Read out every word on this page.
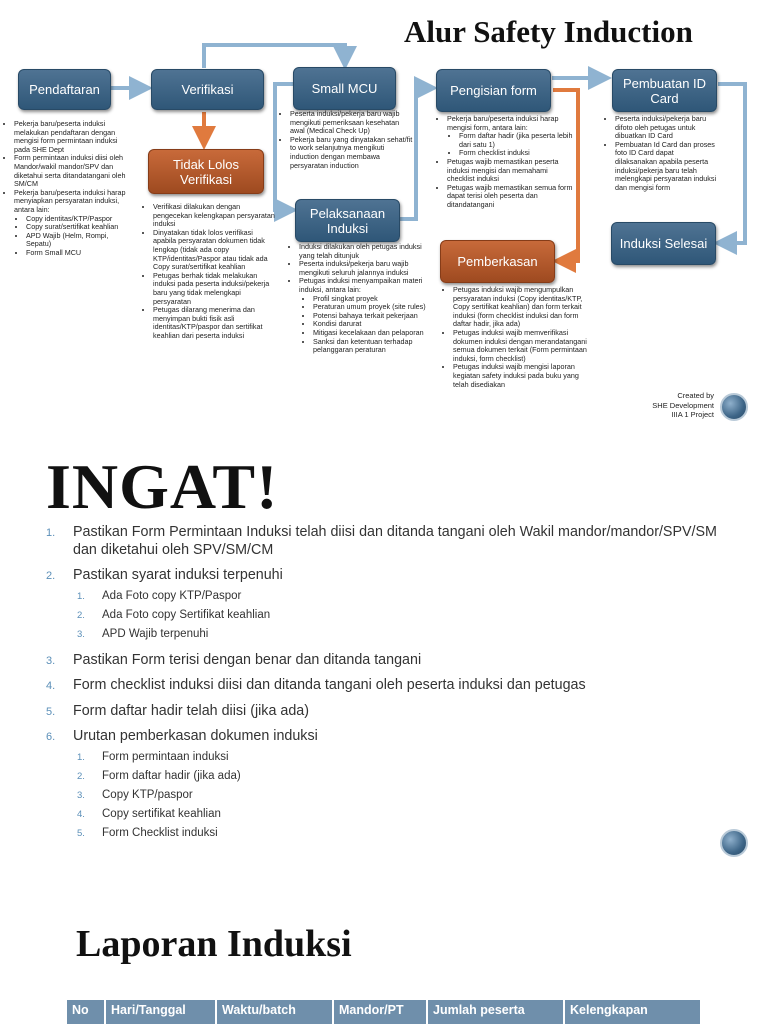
Alur Safety Induction
Pendaftaran	Verifikasi	Small MCU	Pengisian form	Pembuatan ID Card
Tidak Lolos Verifikasi
Pelaksanaan Induksi
Pemberkasan
Induksi Selesai
• Pekerja baru/peserta induksi melakukan pendaftaran dengan mengisi form permintaan induksi pada SHE Dept
• Form permintaan induksi diisi oleh Mandor/wakil mandor/SPV dan diketahui serta ditandatangani oleh SM/CM
• Pekerja baru/peserta induksi harap menyiapkan persyaratan induksi, antara lain:
• Copy identitas/KTP/Paspor
• Copy surat/sertifikat keahlian
• APD Wajib (Helm, Rompi, Sepatu)
• Form Small MCU
• Peserta induksi/pekerja baru wajib mengikuti pemeriksaan kesehatan awal (Medical Check Up)
• Pekerja baru yang dinyatakan sehat/fit to work selanjutnya mengikuti induction dengan membawa persyaratan induction
• Pekerja baru/peserta induksi harap mengisi form, antara lain:
• Form daftar hadir (jika peserta lebih dari satu 1)
• Form checklist induksi
• Petugas wajib memastikan peserta induksi mengisi dan memahami checklist induksi
• Petugas wajib memastikan semua form dapat terisi oleh peserta dan ditandatangani
• Peserta induksi/pekerja baru difoto oleh petugas untuk dibuatkan ID Card
• Pembuatan Id Card dan proses foto ID Card dapat dilaksanakan apabila peserta induksi/pekerja baru telah melengkapi persyaratan induksi dan mengisi form
• Verifikasi dilakukan dengan pengecekan kelengkapan persyaratan induksi
• Dinyatakan tidak lolos verifikasi apabila persyaratan dokumen tidak lengkap (tidak ada copy KTP/identitas/Paspor atau tidak ada Copy surat/sertifikat keahlian
• Petugas berhak tidak melakukan induksi pada peserta induksi/pekerja baru yang tidak melengkapi persyaratan
• Petugas dilarang menerima dan menyimpan bukti fisik asli identitas/KTP/paspor dan sertifikat keahlian dari peserta induksi
• Induksi dilakukan oleh petugas induksi yang telah ditunjuk
• Peserta induksi/pekerja baru wajib mengikuti seluruh jalannya induksi
• Petugas induksi menyampaikan materi induksi, antara lain:
• Profil singkat proyek
• Peraturan umum proyek (site rules)
• Potensi bahaya terkait pekerjaan
• Kondisi darurat
• Mitigasi kecelakaan dan pelaporan
• Sanksi dan ketentuan terhadap pelanggaran peraturan
• Petugas induksi wajib mengumpulkan persyaratan induksi (Copy identitas/KTP, Copy sertifikat keahlian) dan form terkait induksi (form checklist induksi dan form daftar hadir, jika ada)
• Petugas induksi wajib memverifikasi dokumen induksi dengan merandatangani semua dokumen terkait (Form permintaan induksi, form checklist)
• Petugas induksi wajib mengisi laporan kegiatan safety induksi pada buku yang telah disediakan
Created by
SHE Development
IIIA 1 Project
INGAT!
1. Pastikan Form Permintaan Induksi telah diisi dan ditanda tangani oleh Wakil mandor/mandor/SPV/SM dan diketahui oleh SPV/SM/CM
2. Pastikan syarat induksi terpenuhi
1. Ada Foto copy KTP/Paspor
2. Ada Foto copy Sertifikat keahlian
3. APD Wajib terpenuhi
3. Pastikan Form terisi dengan benar dan ditanda tangani
4. Form checklist induksi diisi dan ditanda tangani oleh peserta induksi dan petugas
5. Form daftar hadir telah diisi (jika ada)
6. Urutan pemberkasan dokumen induksi
1. Form permintaan induksi
2. Form daftar hadir (jika ada)
3. Copy KTP/paspor
4. Copy sertifikat keahlian
5. Form Checklist induksi
Laporan Induksi
No	Hari/Tanggal	Waktu/batch	Mandor/PT	Jumlah peserta	Kelengkapan
